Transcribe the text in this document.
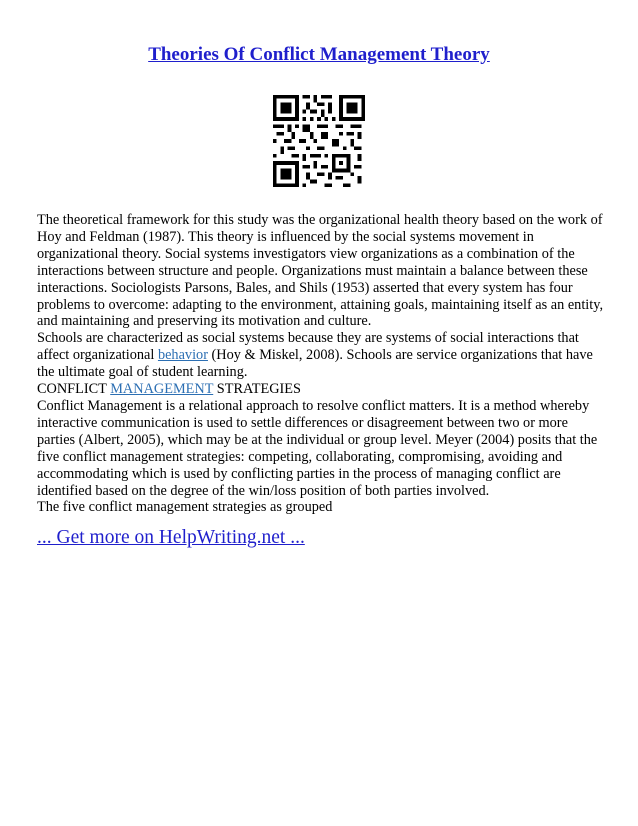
Theories Of Conflict Management Theory

The theoretical framework for this study was the organizational health theory based on the work of Hoy and Feldman (1987). This theory is influenced by the social systems movement in organizational theory. Social systems investigators view organizations as a combination of the interactions between structure and people. Organizations must maintain a balance between these interactions. Sociologists Parsons, Bales, and Shils (1953) asserted that every system has four problems to overcome: adapting to the environment, attaining goals, maintaining itself as an entity, and maintaining and preserving its motivation and culture.

Schools are characterized as social systems because they are systems of social interactions that affect organizational behavior (Hoy & Miskel, 2008). Schools are service organizations that have the ultimate goal of student learning.

CONFLICT MANAGEMENT STRATEGIES

Conflict Management is a relational approach to resolve conflict matters. It is a method whereby interactive communication is used to settle differences or disagreement between two or more parties (Albert, 2005), which may be at the individual or group level. Meyer (2004) posits that the five conflict management strategies: competing, collaborating, compromising, avoiding and accommodating which is used by conflicting parties in the process of managing conflict are identified based on the degree of the win/loss position of both parties involved.

The five conflict management strategies as grouped

... Get more on HelpWriting.net ...
